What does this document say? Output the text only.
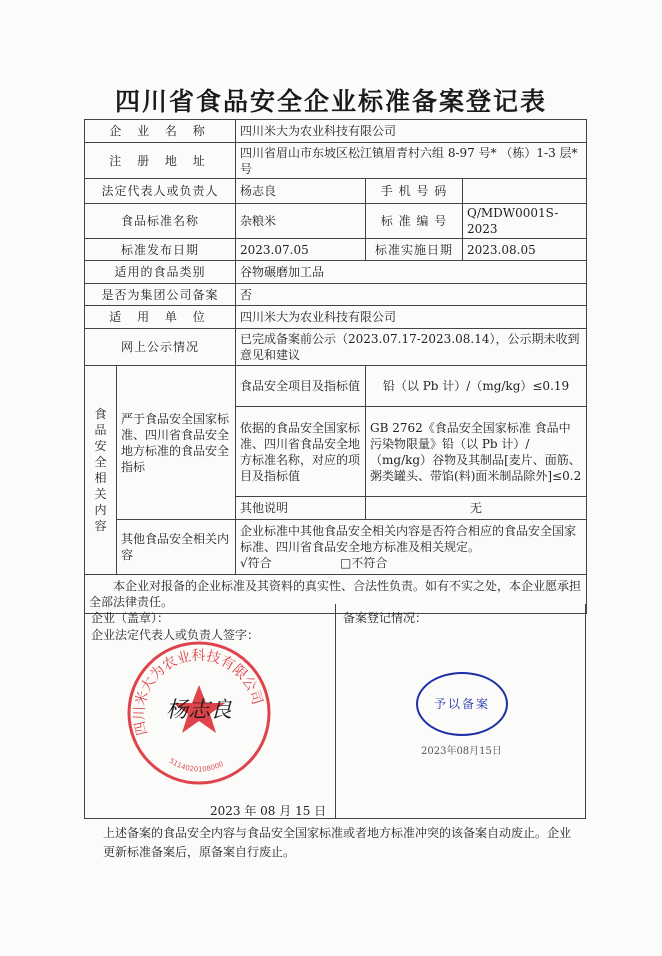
四川省食品安全企业标准备案登记表
企 业 名 称		四川米大为农业科技有限公司		
注 册 地 址		四川省眉山市东坡区松江镇眉青村六组 8-97 号* （栋）1-3 层* 号		
法定代表人或负责人		杨志良	手 机 号 码	
食品标准名称		杂粮米	标 准 编 号	Q/MDW0001S-2023
标准发布日期		2023.07.05	标准实施日期	2023.08.05
适用的食品类别		谷物碾磨加工品		
是否为集团公司备案		否		
适 用 单 位		四川米大为农业科技有限公司		
网上公示情况		已完成备案前公示（2023.07.17-2023.08.14），公示期未收到意见和建议		

食品安全相关内容	严于食品安全国家标准、四川省食品安全地方标准的食品安全指标	食品安全项目及指标值	铅（以 Pb 计）/（mg/kg）≤0.19	
		依据的食品安全国家标准、四川省食品安全地方标准名称，对应的项目及指标值	GB 2762《食品安全国家标准 食品中污染物限量》铅（以 Pb 计）/（mg/kg）谷物及其制品[麦片、面筋、粥类罐头、带馅(料)面米制品除外]≤0.2	
		其他说明	无	
	其他食品安全相关内容	企业标准中其他食品安全相关内容是否符合相应的食品安全国家标准、四川省食品安全地方标准及相关规定。
√符合 □不符合		

本企业对报备的企业标准及其资料的真实性、合法性负责。如有不实之处，本企业愿承担全部法律责任。				
企业（盖章）：
企业法定代表人或负责人签字：
2023 年 08 月 15 日
备案登记情况：
四川米大为农业科技有限公司
5114020108000
杨志良	予以备案
2023年08月15日
上述备案的食品安全内容与食品安全国家标准或者地方标准冲突的该备案自动废止。企业更新标准备案后，原备案自行废止。
